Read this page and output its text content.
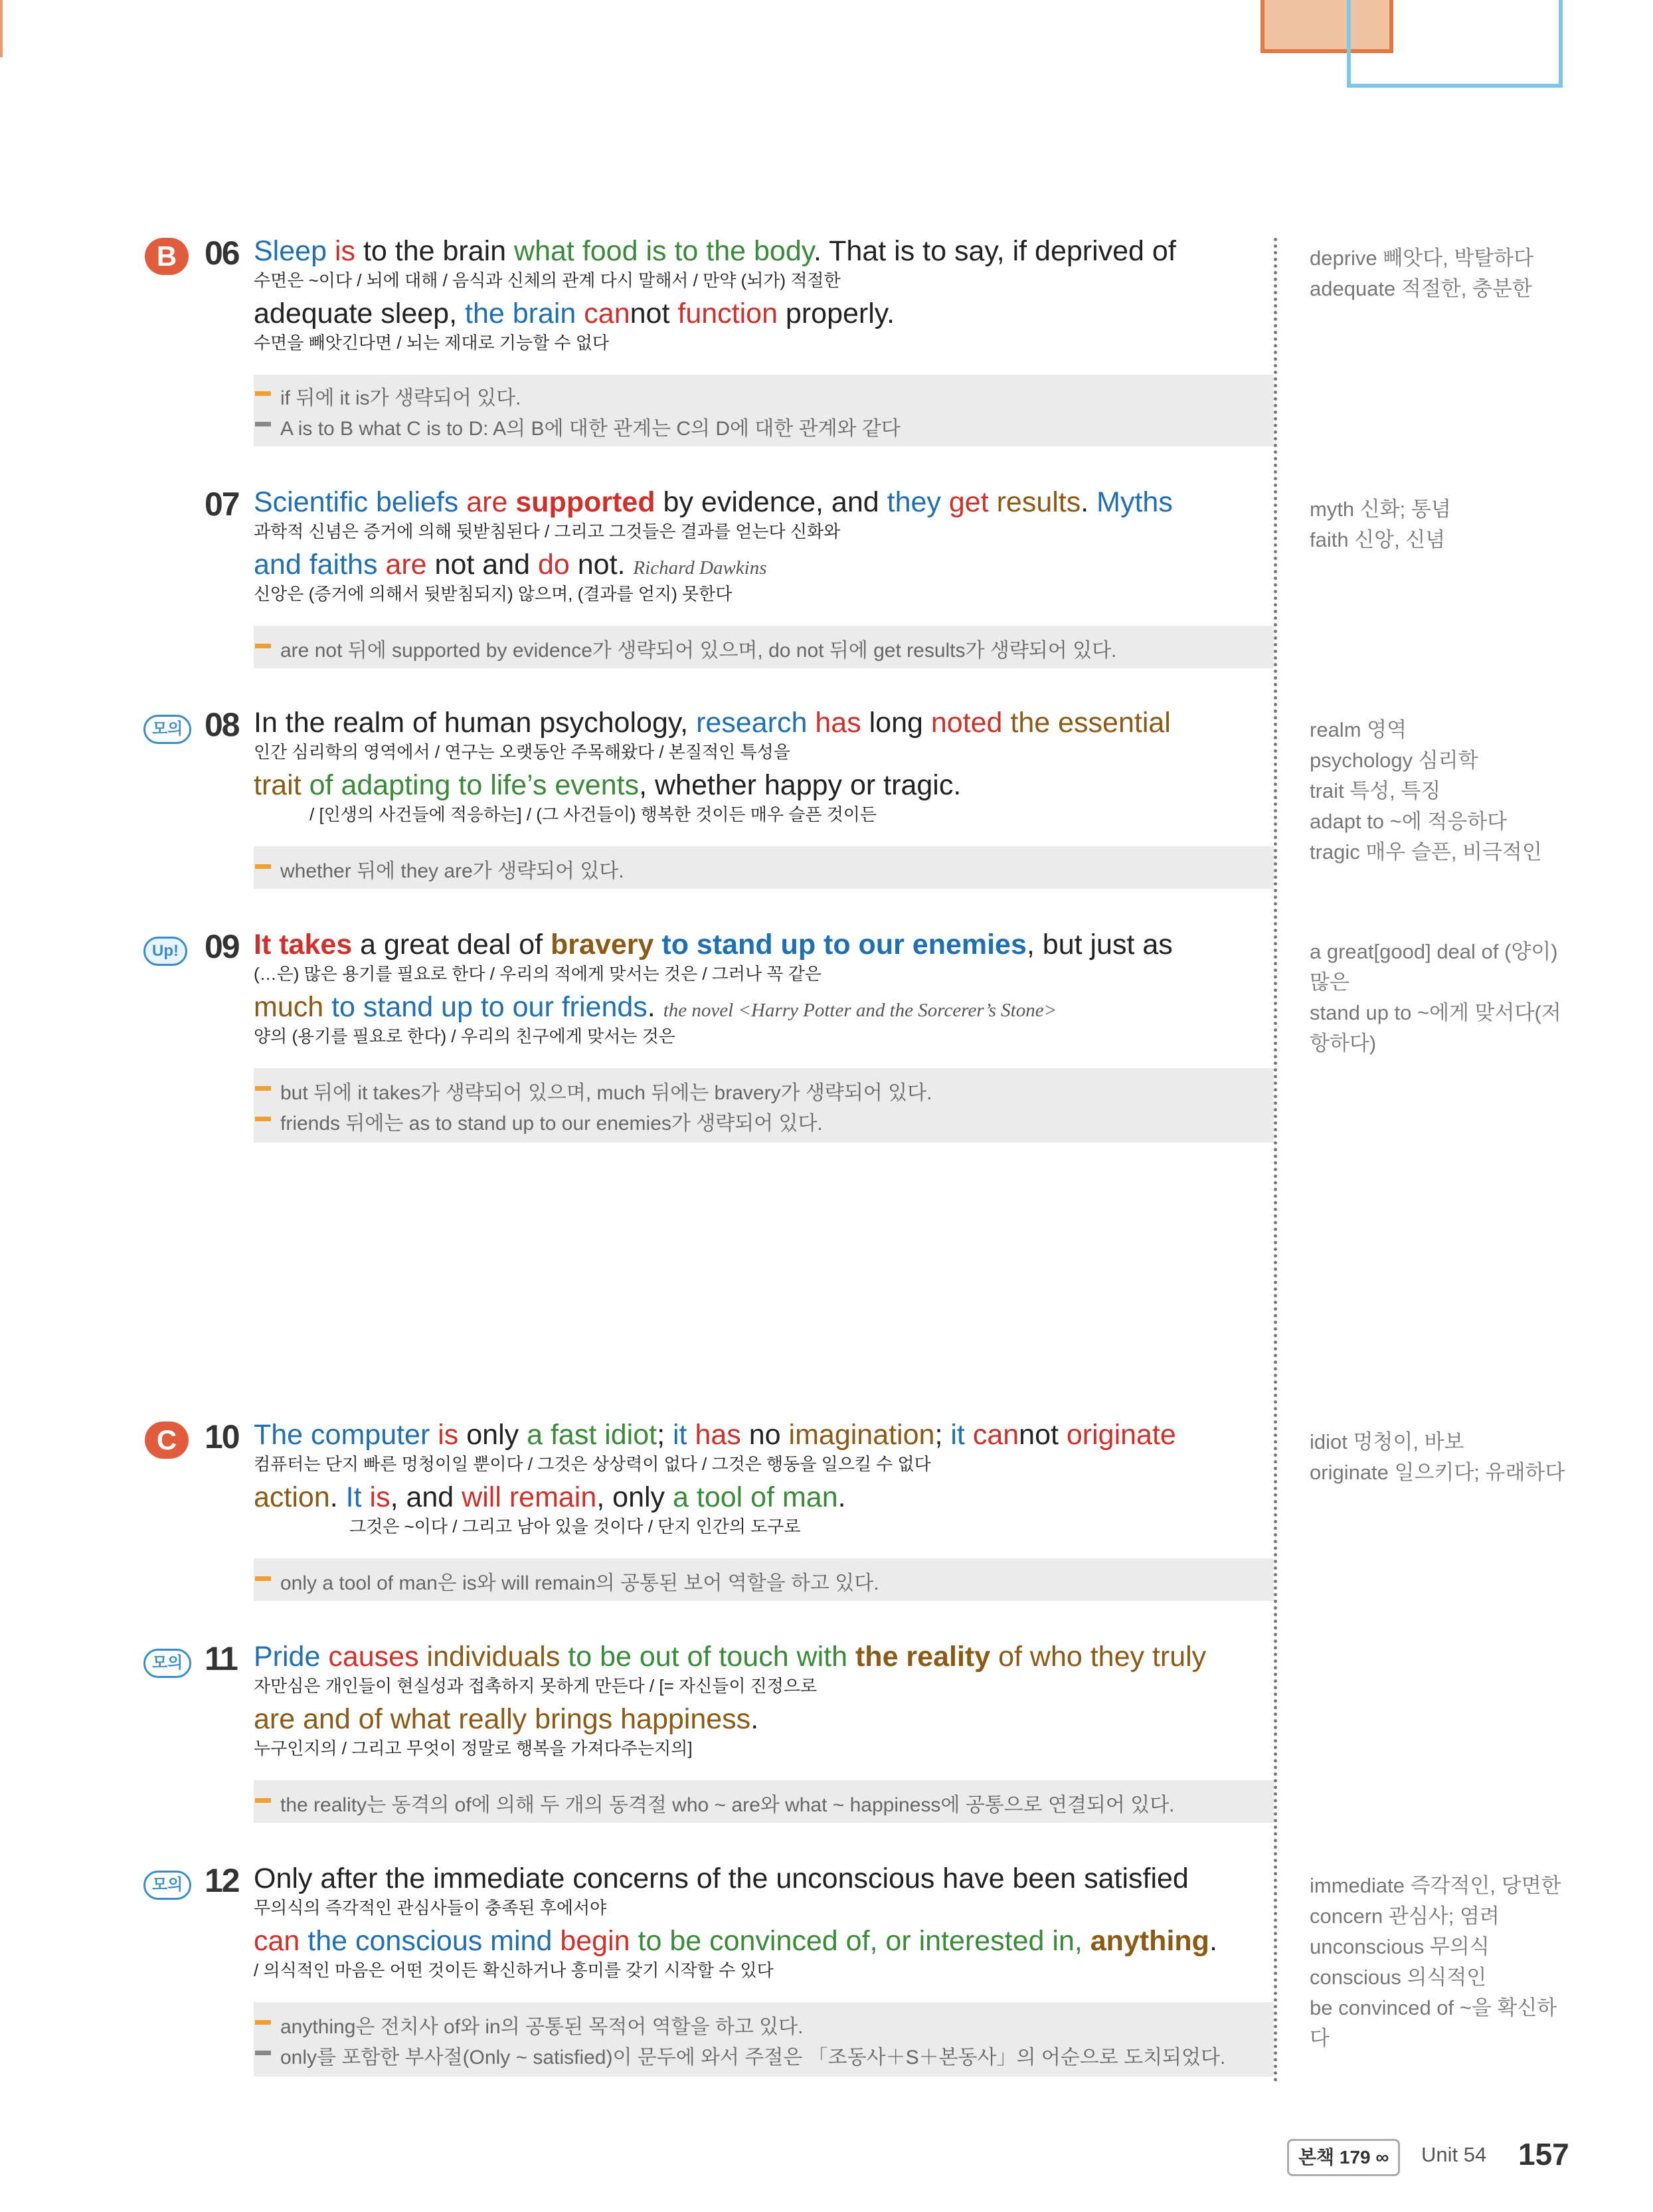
B 06 Sleep is to the brain what food is to the body. That is to say, if deprived of
수면은 ~이다 / 뇌에 대해 / 음식과 신체의 관계 다시 말해서 / 만약 (뇌가) 적절한
adequate sleep, the brain cannot function properly.
수면을 빼앗긴다면 / 뇌는 제대로 기능할 수 없다
if 뒤에 it is가 생략되어 있다.
A is to B what C is to D: A의 B에 대한 관계는 C의 D에 대한 관계와 같다
deprive 빼앗다, 박탈하다
adequate 적절한, 충분한
07 Scientific beliefs are supported by evidence, and they get results. Myths
과학적 신념은 증거에 의해 뒷받침된다 / 그리고 그것들은 결과를 얻는다 신화와
and faiths are not and do not. Richard Dawkins
신앙은 (증거에 의해서 뒷받침되지) 않으며, (결과를 얻지) 못한다
are not 뒤에 supported by evidence가 생략되어 있으며, do not 뒤에 get results가 생략되어 있다.
myth 신화; 통념
faith 신앙, 신념
모의 08 In the realm of human psychology, research has long noted the essential
인간 심리학의 영역에서 / 연구는 오랫동안 주목해왔다 / 본질적인 특성을
trait of adapting to life’s events, whether happy or tragic.
/ [인생의 사건들에 적응하는] / (그 사건들이) 행복한 것이든 매우 슬픈 것이든
whether 뒤에 they are가 생략되어 있다.
realm 영역
psychology 심리학
trait 특성, 특징
adapt to ~에 적응하다
tragic 매우 슬픈, 비극적인
Up! 09 It takes a great deal of bravery to stand up to our enemies, but just as
(…은) 많은 용기를 필요로 한다 / 우리의 적에게 맞서는 것은 / 그러나 꼭 같은
much to stand up to our friends. the novel <Harry Potter and the Sorcerer’s Stone>
양의 (용기를 필요로 한다) / 우리의 친구에게 맞서는 것은
but 뒤에 it takes가 생략되어 있으며, much 뒤에는 bravery가 생략되어 있다.
friends 뒤에는 as to stand up to our enemies가 생략되어 있다.
a great[good] deal of (양이) 많은
stand up to ~에게 맞서다(저항하다)
C 10 The computer is only a fast idiot; it has no imagination; it cannot originate
컴퓨터는 단지 빠른 멍청이일 뿐이다 / 그것은 상상력이 없다 / 그것은 행동을 일으킬 수 없다
action. It is, and will remain, only a tool of man.
그것은 ~이다 / 그리고 남아 있을 것이다 / 단지 인간의 도구로
only a tool of man은 is와 will remain의 공통된 보어 역할을 하고 있다.
idiot 멍청이, 바보
originate 일으키다; 유래하다
모의 11 Pride causes individuals to be out of touch with the reality of who they truly
자만심은 개인들이 현실성과 접촉하지 못하게 만든다 / [= 자신들이 진정으로
are and of what really brings happiness.
누구인지의 / 그리고 무엇이 정말로 행복을 가져다주는지의]
the reality는 동격의 of에 의해 두 개의 동격절 who ~ are와 what ~ happiness에 공통으로 연결되어 있다.
모의 12 Only after the immediate concerns of the unconscious have been satisfied
무의식의 즉각적인 관심사들이 충족된 후에서야
can the conscious mind begin to be convinced of, or interested in, anything.
/ 의식적인 마음은 어떤 것이든 확신하거나 흥미를 갖기 시작할 수 있다
anything은 전치사 of와 in의 공통된 목적어 역할을 하고 있다.
only를 포함한 부사절(Only ~ satisfied)이 문두에 와서 주절은 「조동사＋S＋본동사」의 어순으로 도치되었다.
immediate 즉각적인, 당면한
concern 관심사; 염려
unconscious 무의식
conscious 의식적인
be convinced of ~을 확신하다
본책 179 ∞	Unit 54 157
